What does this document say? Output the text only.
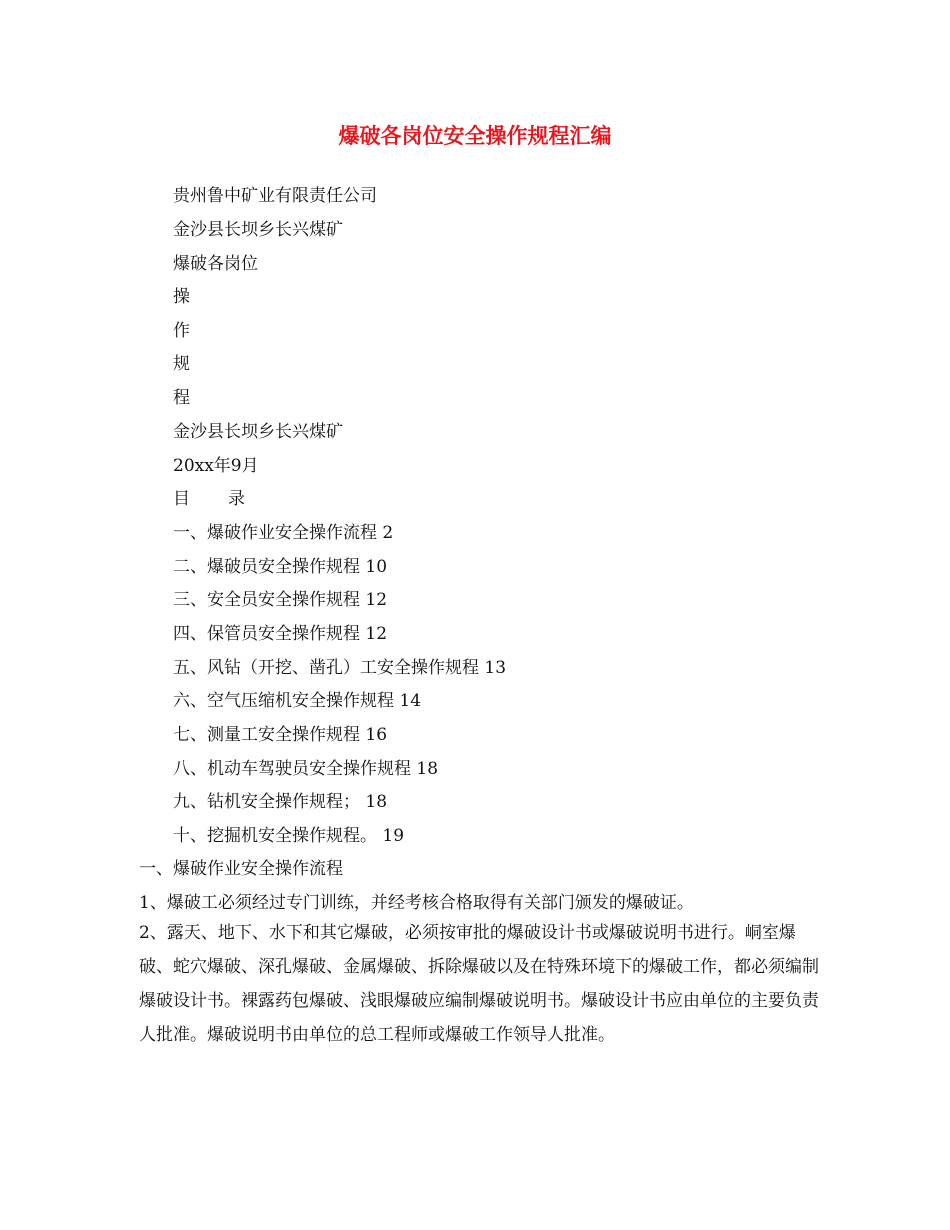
爆破各岗位安全操作规程汇编
贵州鲁中矿业有限责任公司
金沙县长坝乡长兴煤矿
爆破各岗位
操
作
规
程
金沙县长坝乡长兴煤矿
20xx年9月
目 录
一、爆破作业安全操作流程 2
二、爆破员安全操作规程 10
三、安全员安全操作规程 12
四、保管员安全操作规程 12
五、风钻（开挖、凿孔）工安全操作规程 13
六、空气压缩机安全操作规程 14
七、测量工安全操作规程 16
八、机动车驾驶员安全操作规程 18
九、钻机安全操作规程； 18
十、挖掘机安全操作规程。 19
一、爆破作业安全操作流程
1、爆破工必须经过专门训练，并经考核合格取得有关部门颁发的爆破证。
2、露天、地下、水下和其它爆破，必须按审批的爆破设计书或爆破说明书进行。峒室爆破、蛇穴爆破、深孔爆破、金属爆破、拆除爆破以及在特殊环境下的爆破工作，都必须编制爆破设计书。裸露药包爆破、浅眼爆破应编制爆破说明书。爆破设计书应由单位的主要负责人批准。爆破说明书由单位的总工程师或爆破工作领导人批准。
